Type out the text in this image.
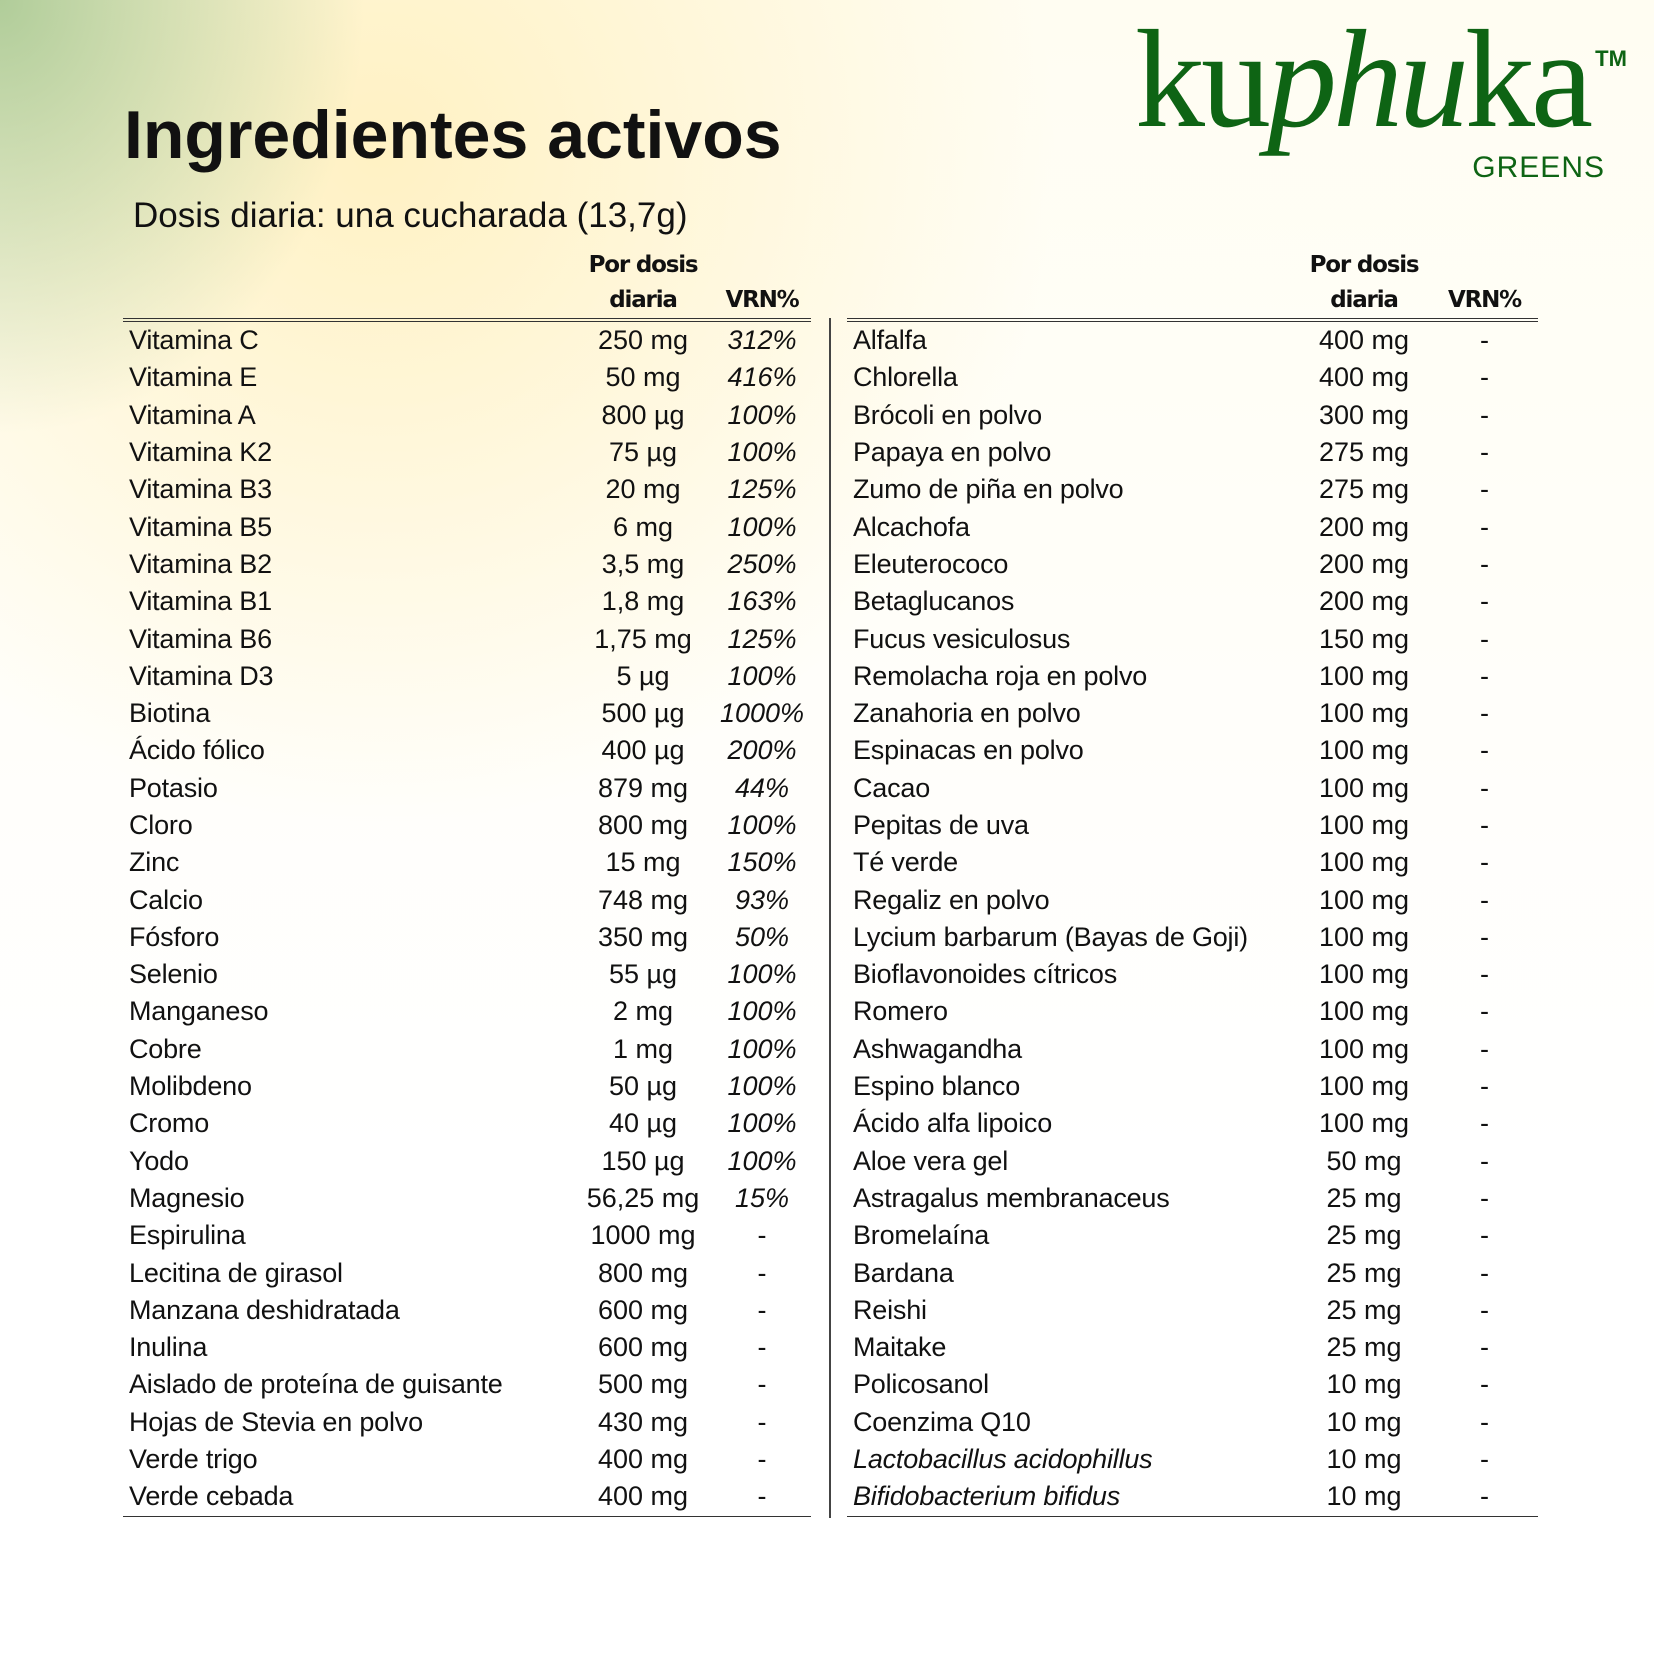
Ingredientes activos
Dosis diaria: una cucharada (13,7g)
kuphuka TM
GREENS
	Por dosis
diaria	VRN%
Vitamina C	250 mg	312%
Vitamina E	50 mg	416%
Vitamina A	800 µg	100%
Vitamina K2	75 µg	100%
Vitamina B3	20 mg	125%
Vitamina B5	6 mg	100%
Vitamina B2	3,5 mg	250%
Vitamina B1	1,8 mg	163%
Vitamina B6	1,75 mg	125%
Vitamina D3	5 µg	100%
Biotina	500 µg	1000%
Ácido fólico	400 µg	200%
Potasio	879 mg	44%
Cloro	800 mg	100%
Zinc	15 mg	150%
Calcio	748 mg	93%
Fósforo	350 mg	50%
Selenio	55 µg	100%
Manganeso	2 mg	100%
Cobre	1 mg	100%
Molibdeno	50 µg	100%
Cromo	40 µg	100%
Yodo	150 µg	100%
Magnesio	56,25 mg	15%
Espirulina	1000 mg	-
Lecitina de girasol	800 mg	-
Manzana deshidratada	600 mg	-
Inulina	600 mg	-
Aislado de proteína de guisante	500 mg	-
Hojas de Stevia en polvo	430 mg	-
Verde trigo	400 mg	-
Verde cebada	400 mg	-
	Por dosis
diaria	VRN%
Alfalfa	400 mg	-
Chlorella	400 mg	-
Brócoli en polvo	300 mg	-
Papaya en polvo	275 mg	-
Zumo de piña en polvo	275 mg	-
Alcachofa	200 mg	-
Eleuterococo	200 mg	-
Betaglucanos	200 mg	-
Fucus vesiculosus	150 mg	-
Remolacha roja en polvo	100 mg	-
Zanahoria en polvo	100 mg	-
Espinacas en polvo	100 mg	-
Cacao	100 mg	-
Pepitas de uva	100 mg	-
Té verde	100 mg	-
Regaliz en polvo	100 mg	-
Lycium barbarum (Bayas de Goji)	100 mg	-
Bioflavonoides cítricos	100 mg	-
Romero	100 mg	-
Ashwagandha	100 mg	-
Espino blanco	100 mg	-
Ácido alfa lipoico	100 mg	-
Aloe vera gel	50 mg	-
Astragalus membranaceus	25 mg	-
Bromelaína	25 mg	-
Bardana	25 mg	-
Reishi	25 mg	-
Maitake	25 mg	-
Policosanol	10 mg	-
Coenzima Q10	10 mg	-
Lactobacillus acidophillus	10 mg	-
Bifidobacterium bifidus	10 mg	-
